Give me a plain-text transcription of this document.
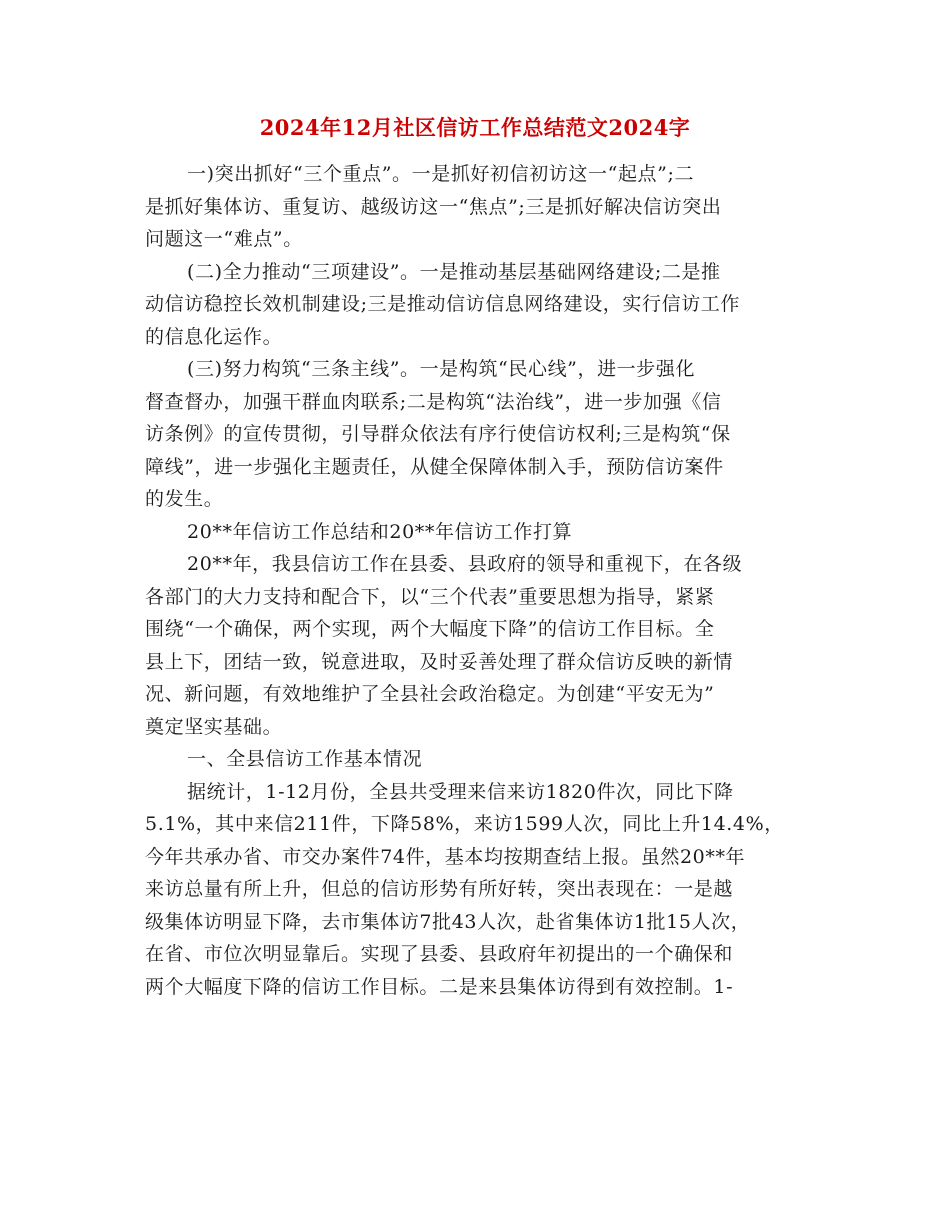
2024年12月社区信访工作总结范文2024字
一)突出抓好“三个重点”。一是抓好初信初访这一“起点”;二
是抓好集体访、重复访、越级访这一“焦点”;三是抓好解决信访突出
问题这一“难点”。
(二)全力推动“三项建设”。一是推动基层基础网络建设;二是推
动信访稳控长效机制建设;三是推动信访信息网络建设，实行信访工作
的信息化运作。
(三)努力构筑“三条主线”。一是构筑“民心线”，进一步强化
督查督办，加强干群血肉联系;二是构筑“法治线”，进一步加强《信
访条例》的宣传贯彻，引导群众依法有序行使信访权利;三是构筑“保
障线”，进一步强化主题责任，从健全保障体制入手，预防信访案件
的发生。
20**年信访工作总结和20**年信访工作打算
20**年，我县信访工作在县委、县政府的领导和重视下，在各级
各部门的大力支持和配合下，以“三个代表”重要思想为指导，紧紧
围绕“一个确保，两个实现，两个大幅度下降”的信访工作目标。全
县上下，团结一致，锐意进取，及时妥善处理了群众信访反映的新情
况、新问题，有效地维护了全县社会政治稳定。为创建“平安无为”
奠定坚实基础。
一、全县信访工作基本情况
据统计，1-12月份，全县共受理来信来访1820件次，同比下降
5.1%，其中来信211件，下降58%，来访1599人次，同比上升14.4%，
今年共承办省、市交办案件74件，基本均按期查结上报。虽然20**年
来访总量有所上升，但总的信访形势有所好转，突出表现在：一是越
级集体访明显下降，去市集体访7批43人次，赴省集体访1批15人次，
在省、市位次明显靠后。实现了县委、县政府年初提出的一个确保和
两个大幅度下降的信访工作目标。二是来县集体访得到有效控制。1-
